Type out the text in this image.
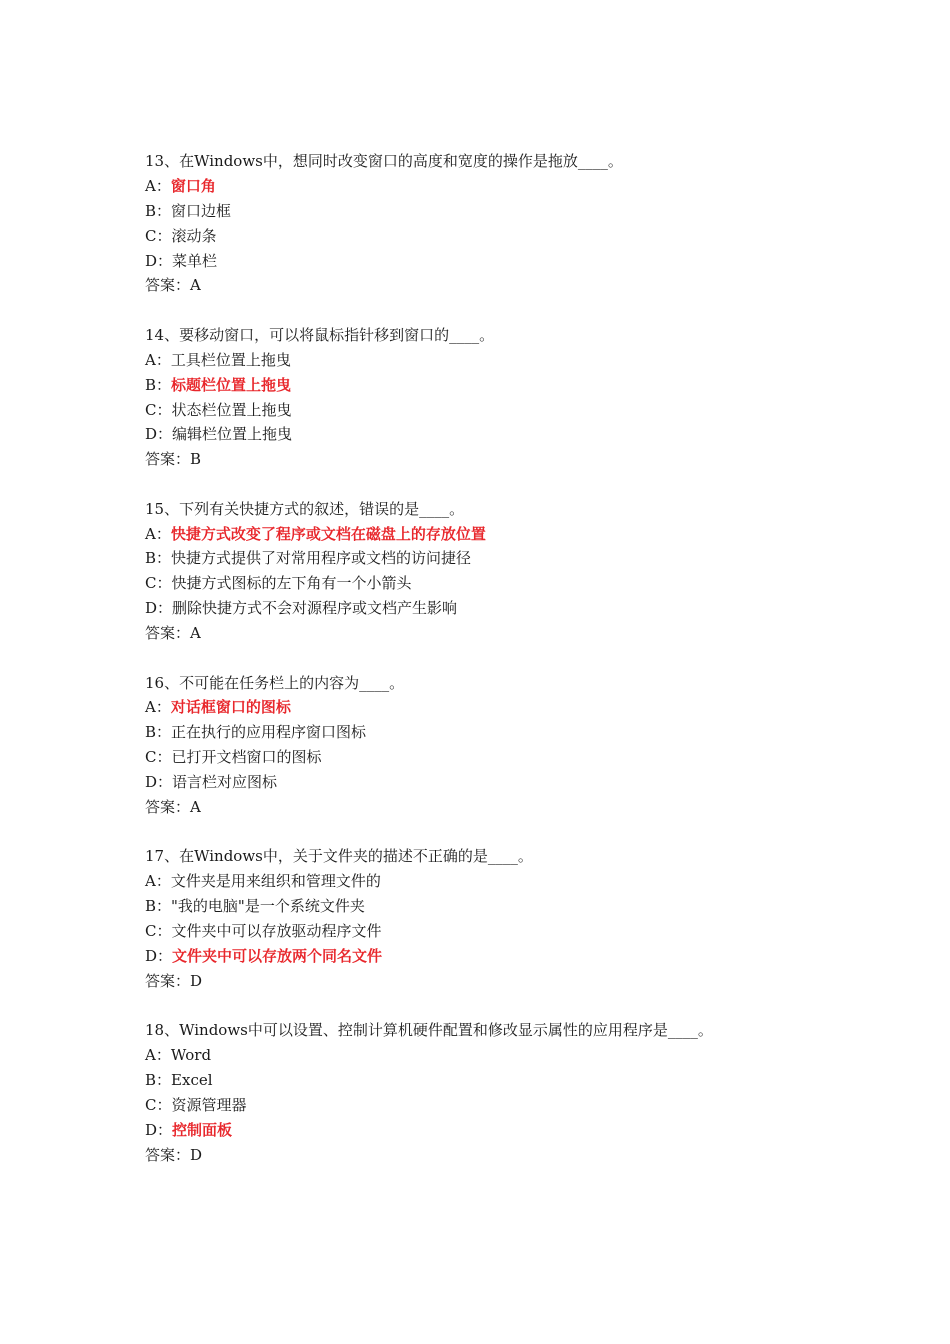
13、在Windows中，想同时改变窗口的高度和宽度的操作是拖放____。
A：窗口角
B：窗口边框
C：滚动条
D：菜单栏
答案：A
14、要移动窗口，可以将鼠标指针移到窗口的____。
A：工具栏位置上拖曳
B：标题栏位置上拖曳
C：状态栏位置上拖曳
D：编辑栏位置上拖曳
答案：B
15、下列有关快捷方式的叙述，错误的是____。
A：快捷方式改变了程序或文档在磁盘上的存放位置
B：快捷方式提供了对常用程序或文档的访问捷径
C：快捷方式图标的左下角有一个小箭头
D：删除快捷方式不会对源程序或文档产生影响
答案：A
16、不可能在任务栏上的内容为____。
A：对话框窗口的图标
B：正在执行的应用程序窗口图标
C：已打开文档窗口的图标
D：语言栏对应图标
答案：A
17、在Windows中，关于文件夹的描述不正确的是____。
A：文件夹是用来组织和管理文件的
B："我的电脑"是一个系统文件夹
C：文件夹中可以存放驱动程序文件
D：文件夹中可以存放两个同名文件
答案：D
18、Windows中可以设置、控制计算机硬件配置和修改显示属性的应用程序是____。
A：Word
B：Excel
C：资源管理器
D：控制面板
答案：D
